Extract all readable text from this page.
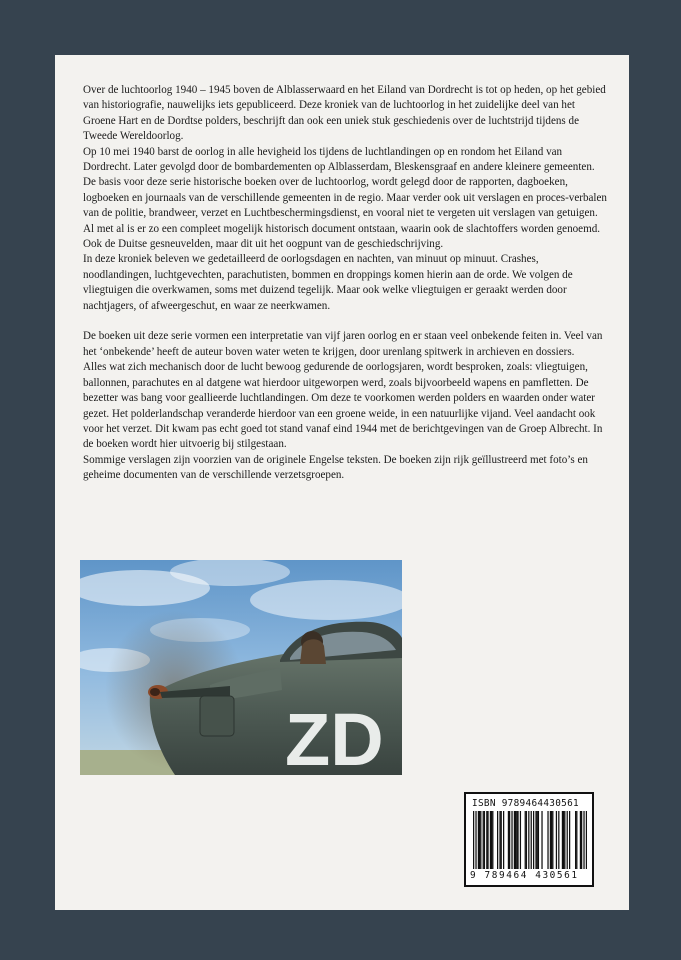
Over de luchtoorlog 1940 – 1945 boven de Alblasserwaard en het Eiland van Dordrecht is tot op heden, op het gebied van historiografie, nauwelijks iets gepubliceerd. Deze kroniek van de luchtoorlog in het zuidelijke deel van het Groene Hart en de Dordtse polders, beschrijft dan ook een uniek stuk geschiedenis over de luchtstrijd tijdens de Tweede Wereldoorlog.

Op 10 mei 1940 barst de oorlog in alle hevigheid los tijdens de luchtlandingen op en rondom het Eiland van Dordrecht. Later gevolgd door de bombardementen op Alblasserdam, Bleskensgraaf en andere kleinere gemeenten.

De basis voor deze serie historische boeken over de luchtoorlog, wordt gelegd door de rapporten, dagboeken, logboeken en journaals van de verschillende gemeenten in de regio. Maar verder ook uit verslagen en proces-verbalen van de politie, brandweer, verzet en Luchtbeschermingsdienst, en vooral niet te vergeten uit verslagen van getuigen. Al met al is er zo een compleet mogelijk historisch document ontstaan, waarin ook de slachtoffers worden genoemd. Ook de Duitse gesneuvelden, maar dit uit het oogpunt van de geschiedschrijving.

In deze kroniek beleven we gedetailleerd de oorlogsdagen en nachten, van minuut op minuut. Crashes, noodlandingen, luchtgevechten, parachutisten, bommen en droppings komen hierin aan de orde. We volgen de vliegtuigen die overkwamen, soms met duizend tegelijk. Maar ook welke vliegtuigen er geraakt werden door nachtjagers, of afweergeschut, en waar ze neerkwamen.

De boeken uit deze serie vormen een interpretatie van vijf jaren oorlog en er staan veel onbekende feiten in. Veel van het ‘onbekende’ heeft de auteur boven water weten te krijgen, door urenlang spitwerk in archieven en dossiers.

Alles wat zich mechanisch door de lucht bewoog gedurende de oorlogsjaren, wordt besproken, zoals: vliegtuigen, ballonnen, parachutes en al datgene wat hierdoor uitgeworpen werd, zoals bijvoorbeeld wapens en pamfletten. De bezetter was bang voor geallieerde luchtlandingen. Om deze te voorkomen werden polders en waarden onder water gezet. Het polderlandschap veranderde hierdoor van een groene weide, in een natuurlijke vijand. Veel aandacht ook voor het verzet. Dit kwam pas echt goed tot stand vanaf eind 1944 met de berichtgevingen van de Groep Albrecht. In de boeken wordt hier uitvoerig bij stilgestaan.

Sommige verslagen zijn voorzien van de originele Engelse teksten. De boeken zijn rijk geïllustreerd met foto’s en geheime documenten van de verschillende verzetsgroepen.

ZD
ISBN 9789464430561
9 789464 430561
